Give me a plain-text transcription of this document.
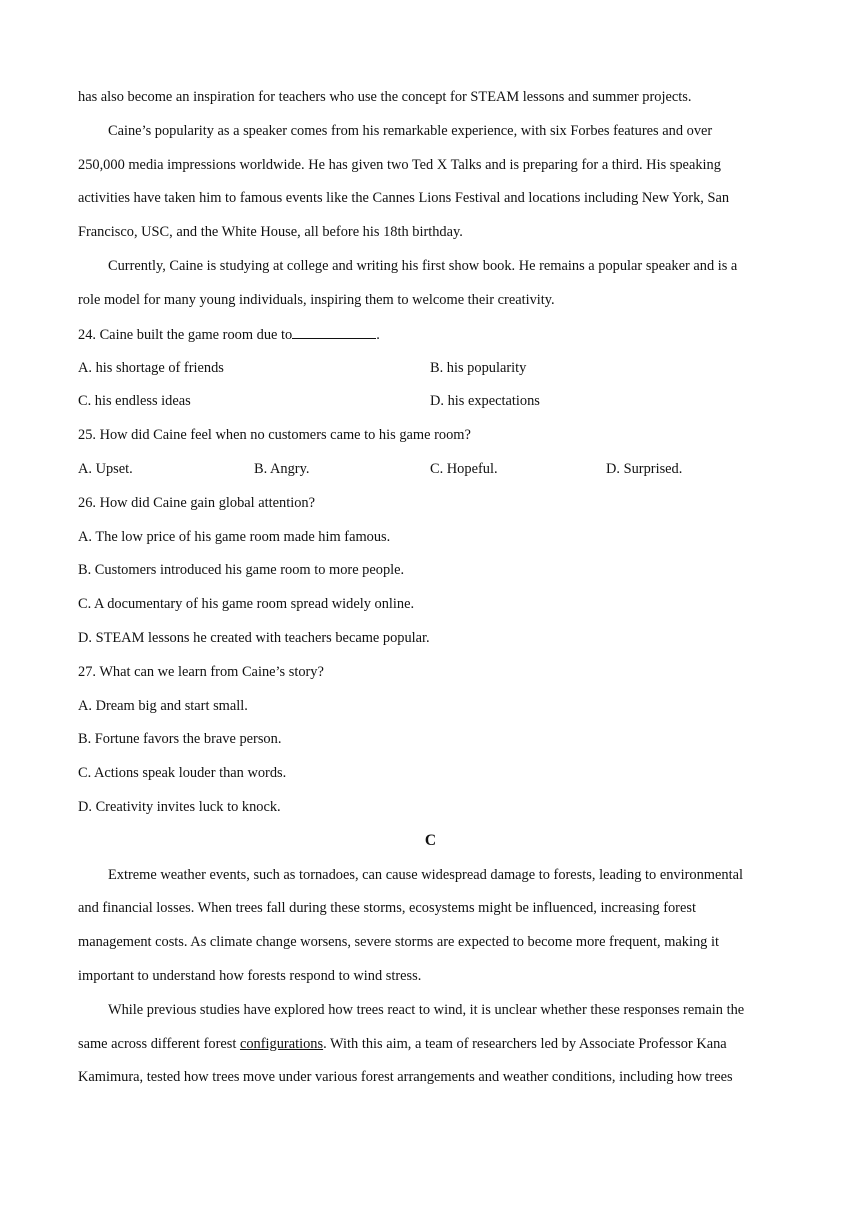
has also become an inspiration for teachers who use the concept for STEAM lessons and summer projects.
Caine’s popularity as a speaker comes from his remarkable experience, with six Forbes features and over
250,000 media impressions worldwide. He has given two Ted X Talks and is preparing for a third. His speaking
activities have taken him to famous events like the Cannes Lions Festival and locations including New York, San
Francisco, USC, and the White House, all before his 18th birthday.
Currently, Caine is studying at college and writing his first show book. He remains a popular speaker and is a
role model for many young individuals, inspiring them to welcome their creativity.
24. Caine built the game room due to	.
A. his shortage of friends	B. his popularity
C. his endless ideas	D. his expectations
25. How did Caine feel when no customers came to his game room?
A. Upset.	B. Angry.	C. Hopeful.	D. Surprised.
26. How did Caine gain global attention?
A. The low price of his game room made him famous.
B. Customers introduced his game room to more people.
C. A documentary of his game room spread widely online.
D. STEAM lessons he created with teachers became popular.
27. What can we learn from Caine’s story?
A. Dream big and start small.
B. Fortune favors the brave person.
C. Actions speak louder than words.
D. Creativity invites luck to knock.
C
Extreme weather events, such as tornadoes, can cause widespread damage to forests, leading to environmental
and financial losses. When trees fall during these storms, ecosystems might be influenced, increasing forest
management costs. As climate change worsens, severe storms are expected to become more frequent, making it
important to understand how forests respond to wind stress.
While previous studies have explored how trees react to wind, it is unclear whether these responses remain the
same across different forest configurations. With this aim, a team of researchers led by Associate Professor Kana
Kamimura, tested how trees move under various forest arrangements and weather conditions, including how trees
